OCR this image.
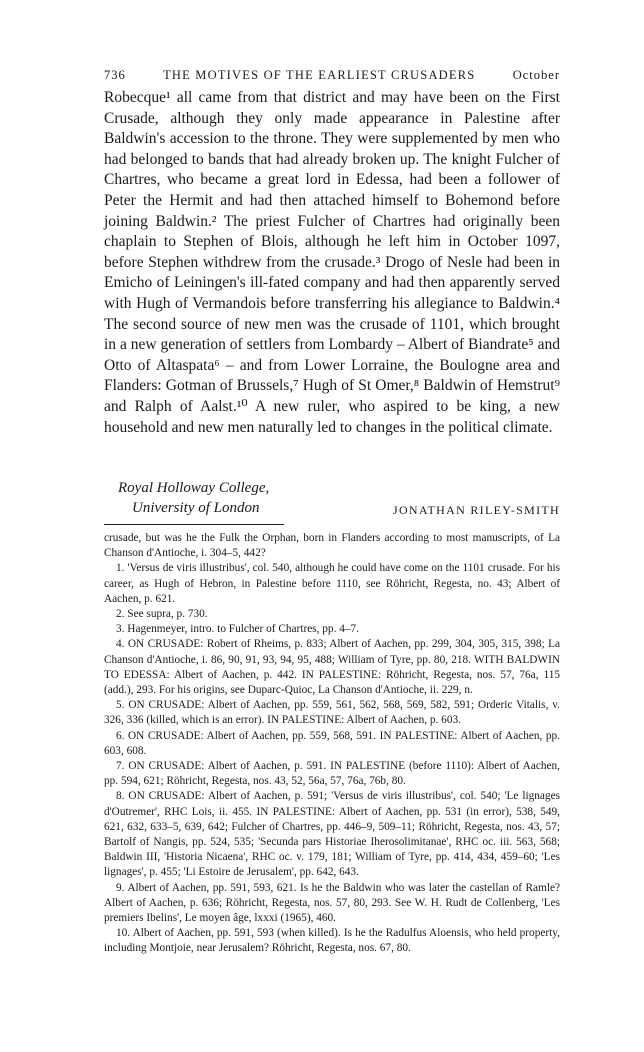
736	THE MOTIVES OF THE EARLIEST CRUSADERS	October

Robecque¹ all came from that district and may have been on the First Crusade, although they only made appearance in Palestine after Baldwin's accession to the throne. They were supplemented by men who had belonged to bands that had already broken up. The knight Fulcher of Chartres, who became a great lord in Edessa, had been a follower of Peter the Hermit and had then attached himself to Bohemond before joining Baldwin.² The priest Fulcher of Chartres had originally been chaplain to Stephen of Blois, although he left him in October 1097, before Stephen withdrew from the crusade.³ Drogo of Nesle had been in Emicho of Leiningen's ill-fated company and had then apparently served with Hugh of Vermandois before transferring his allegiance to Baldwin.⁴ The second source of new men was the crusade of 1101, which brought in a new generation of settlers from Lombardy – Albert of Biandrate⁵ and Otto of Altaspata⁶ – and from Lower Lorraine, the Boulogne area and Flanders: Gotman of Brussels,⁷ Hugh of St Omer,⁸ Baldwin of Hemstrut⁹ and Ralph of Aalst.¹⁰ A new ruler, who aspired to be king, a new household and new men naturally led to changes in the political climate.

Royal Holloway College,
University of London	JONATHAN RILEY-SMITH

crusade, but was he the Fulk the Orphan, born in Flanders according to most manuscripts, of La Chanson d'Antioche, i. 304–5, 442?

1. 'Versus de viris illustribus', col. 540, although he could have come on the 1101 crusade. For his career, as Hugh of Hebron, in Palestine before 1110, see Röhricht, Regesta, no. 43; Albert of Aachen, p. 621.

2. See supra, p. 730.

3. Hagenmeyer, intro. to Fulcher of Chartres, pp. 4–7.

4. ON CRUSADE: Robert of Rheims, p. 833; Albert of Aachen, pp. 299, 304, 305, 315, 398; La Chanson d'Antioche, i. 86, 90, 91, 93, 94, 95, 488; William of Tyre, pp. 80, 218. WITH BALDWIN TO EDESSA: Albert of Aachen, p. 442. IN PALESTINE: Röhricht, Regesta, nos. 57, 76a, 115 (add.), 293. For his origins, see Duparc-Quioc, La Chanson d'Antioche, ii. 229, n.

5. ON CRUSADE: Albert of Aachen, pp. 559, 561, 562, 568, 569, 582, 591; Orderic Vitalis, v. 326, 336 (killed, which is an error). IN PALESTINE: Albert of Aachen, p. 603.

6. ON CRUSADE: Albert of Aachen, pp. 559, 568, 591. IN PALESTINE: Albert of Aachen, pp. 603, 608.

7. ON CRUSADE: Albert of Aachen, p. 591. IN PALESTINE (before 1110): Albert of Aachen, pp. 594, 621; Röhricht, Regesta, nos. 43, 52, 56a, 57, 76a, 76b, 80.

8. ON CRUSADE: Albert of Aachen, p. 591; 'Versus de viris illustribus', col. 540; 'Le lignages d'Outremer', RHC Lois, ii. 455. IN PALESTINE: Albert of Aachen, pp. 531 (in error), 538, 549, 621, 632, 633–5, 639, 642; Fulcher of Chartres, pp. 446–9, 509–11; Röhricht, Regesta, nos. 43, 57; Bartolf of Nangis, pp. 524, 535; 'Secunda pars Historiae Iherosolimitanae', RHC oc. iii. 563, 568; Baldwin III, 'Historia Nicaena', RHC oc. v. 179, 181; William of Tyre, pp. 414, 434, 459–60; 'Les lignages', p. 455; 'Li Estoire de Jerusalem', pp. 642, 643.

9. Albert of Aachen, pp. 591, 593, 621. Is he the Baldwin who was later the castellan of Ramle? Albert of Aachen, p. 636; Röhricht, Regesta, nos. 57, 80, 293. See W. H. Rudt de Collenberg, 'Les premiers Ibelins', Le moyen âge, lxxxi (1965), 460.

10. Albert of Aachen, pp. 591, 593 (when killed). Is he the Radulfus Aloensis, who held property, including Montjoie, near Jerusalem? Röhricht, Regesta, nos. 67, 80.
